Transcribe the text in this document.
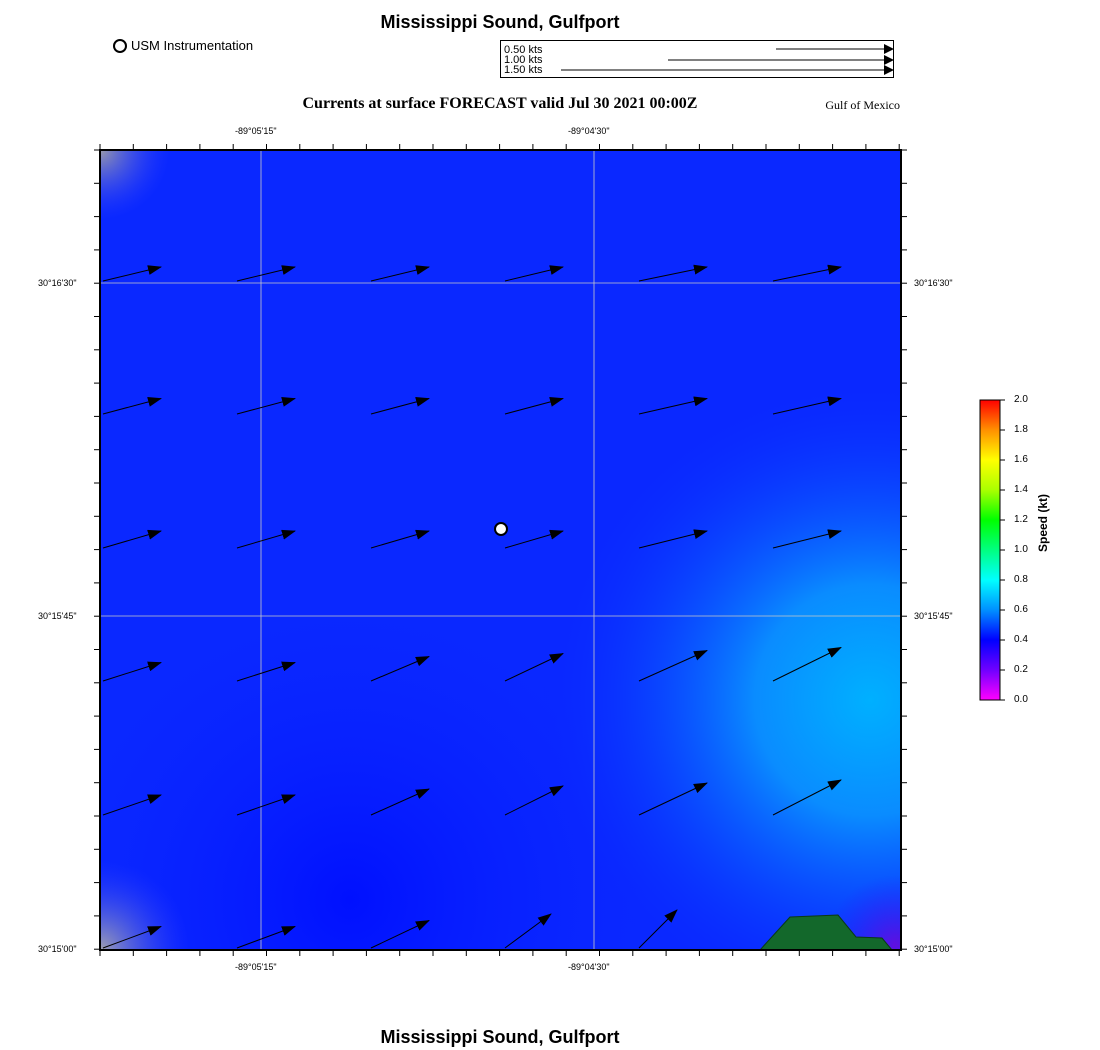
Mississippi Sound, Gulfport
Currents at surface FORECAST valid Jul 30 2021 00:00Z	Gulf of Mexico
Mississippi Sound, Gulfport
USM Instrumentation	0.50 kts
1.00 kts
1.50 kts
-89°05'15"	-89°04'30"
-89°05'15"	-89°04'30"
30°16'30"
30°15'45"
30°15'00"
30°16'30"
30°15'45"
30°15'00"
2.0
1.8
1.6
1.4
1.2
1.0
0.8
0.6
0.4
0.2
0.0
Speed (kt)
